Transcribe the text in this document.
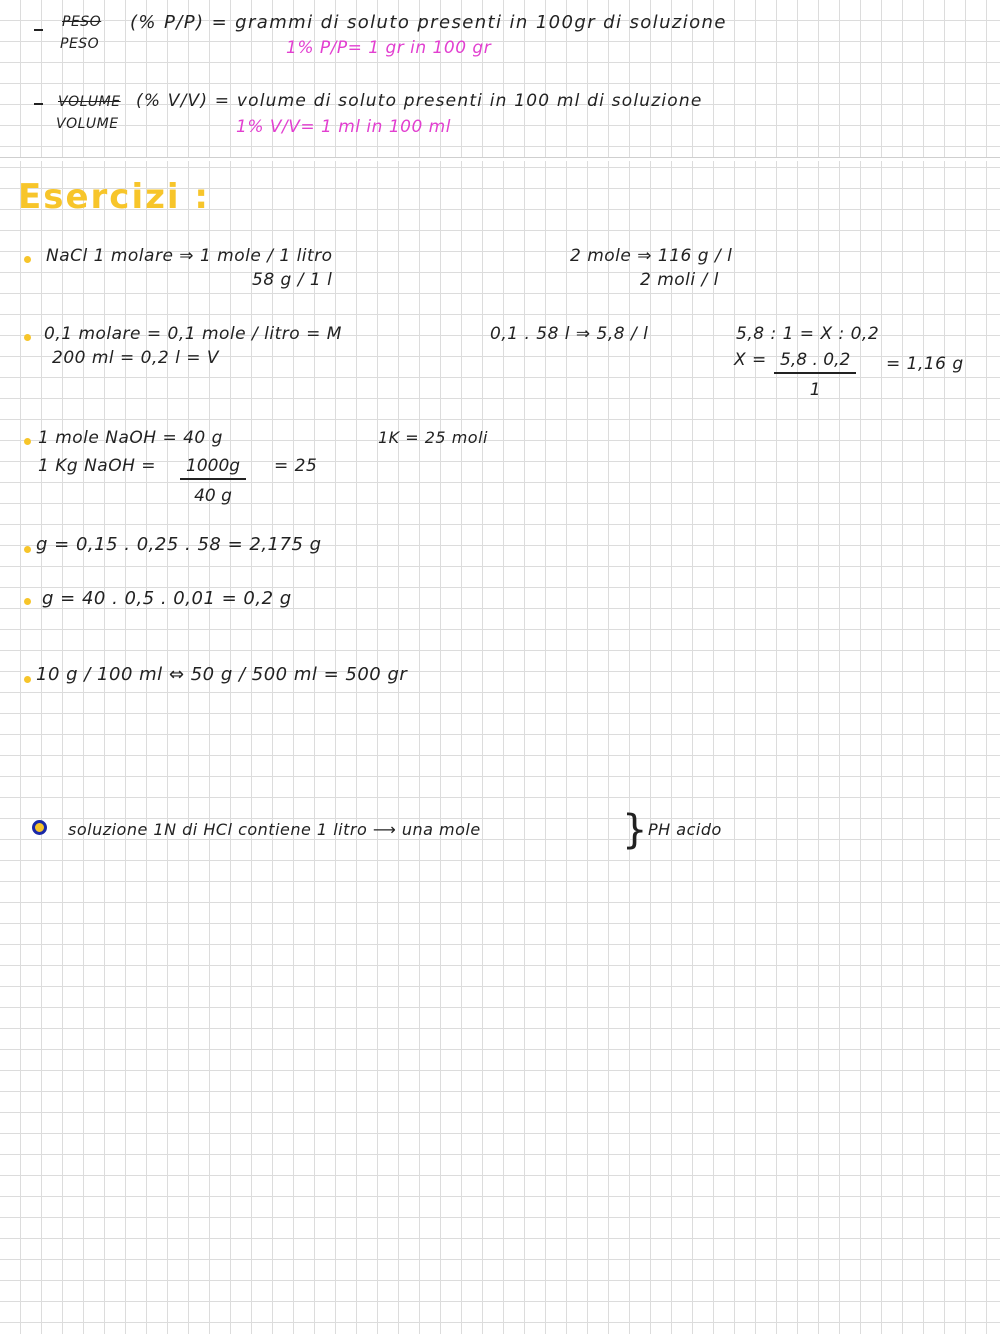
PESO
PESO
(% P/P) = grammi di soluto presenti in 100gr di soluzione
1% P/P= 1 gr in 100 gr
VOLUME
VOLUME
(% V/V) = volume di soluto presenti in 100 ml di soluzione
1% V/V= 1 ml in 100 ml
Esercizi :
NaCl 1 molare ⇒ 1 mole / 1 litro
58 g / 1 l
2 mole ⇒ 116 g / l
2 moli / l
0,1 molare = 0,1 mole / litro = M
200 ml = 0,2 l = V
0,1 . 58 l ⇒ 5,8 / l	5,8 : 1 = X : 0,2
$X = \frac{5,8 . 0,2}{1} = 1,16$ g
1 mole NaOH = 40 g
1 Kg NaOH = $\frac{1000g}{40 g} = 25$
1K = 25 moli
g = 0,15 . 0,25 . 58 = 2,175 g
g = 40 . 0,5 . 0,01 = 0,2 g
10 g / 100 ml ⇔ 50 g / 500 ml = 500 gr
soluzione 1N di HCl contiene 1 litro ⟶ una mole	} PH acido
